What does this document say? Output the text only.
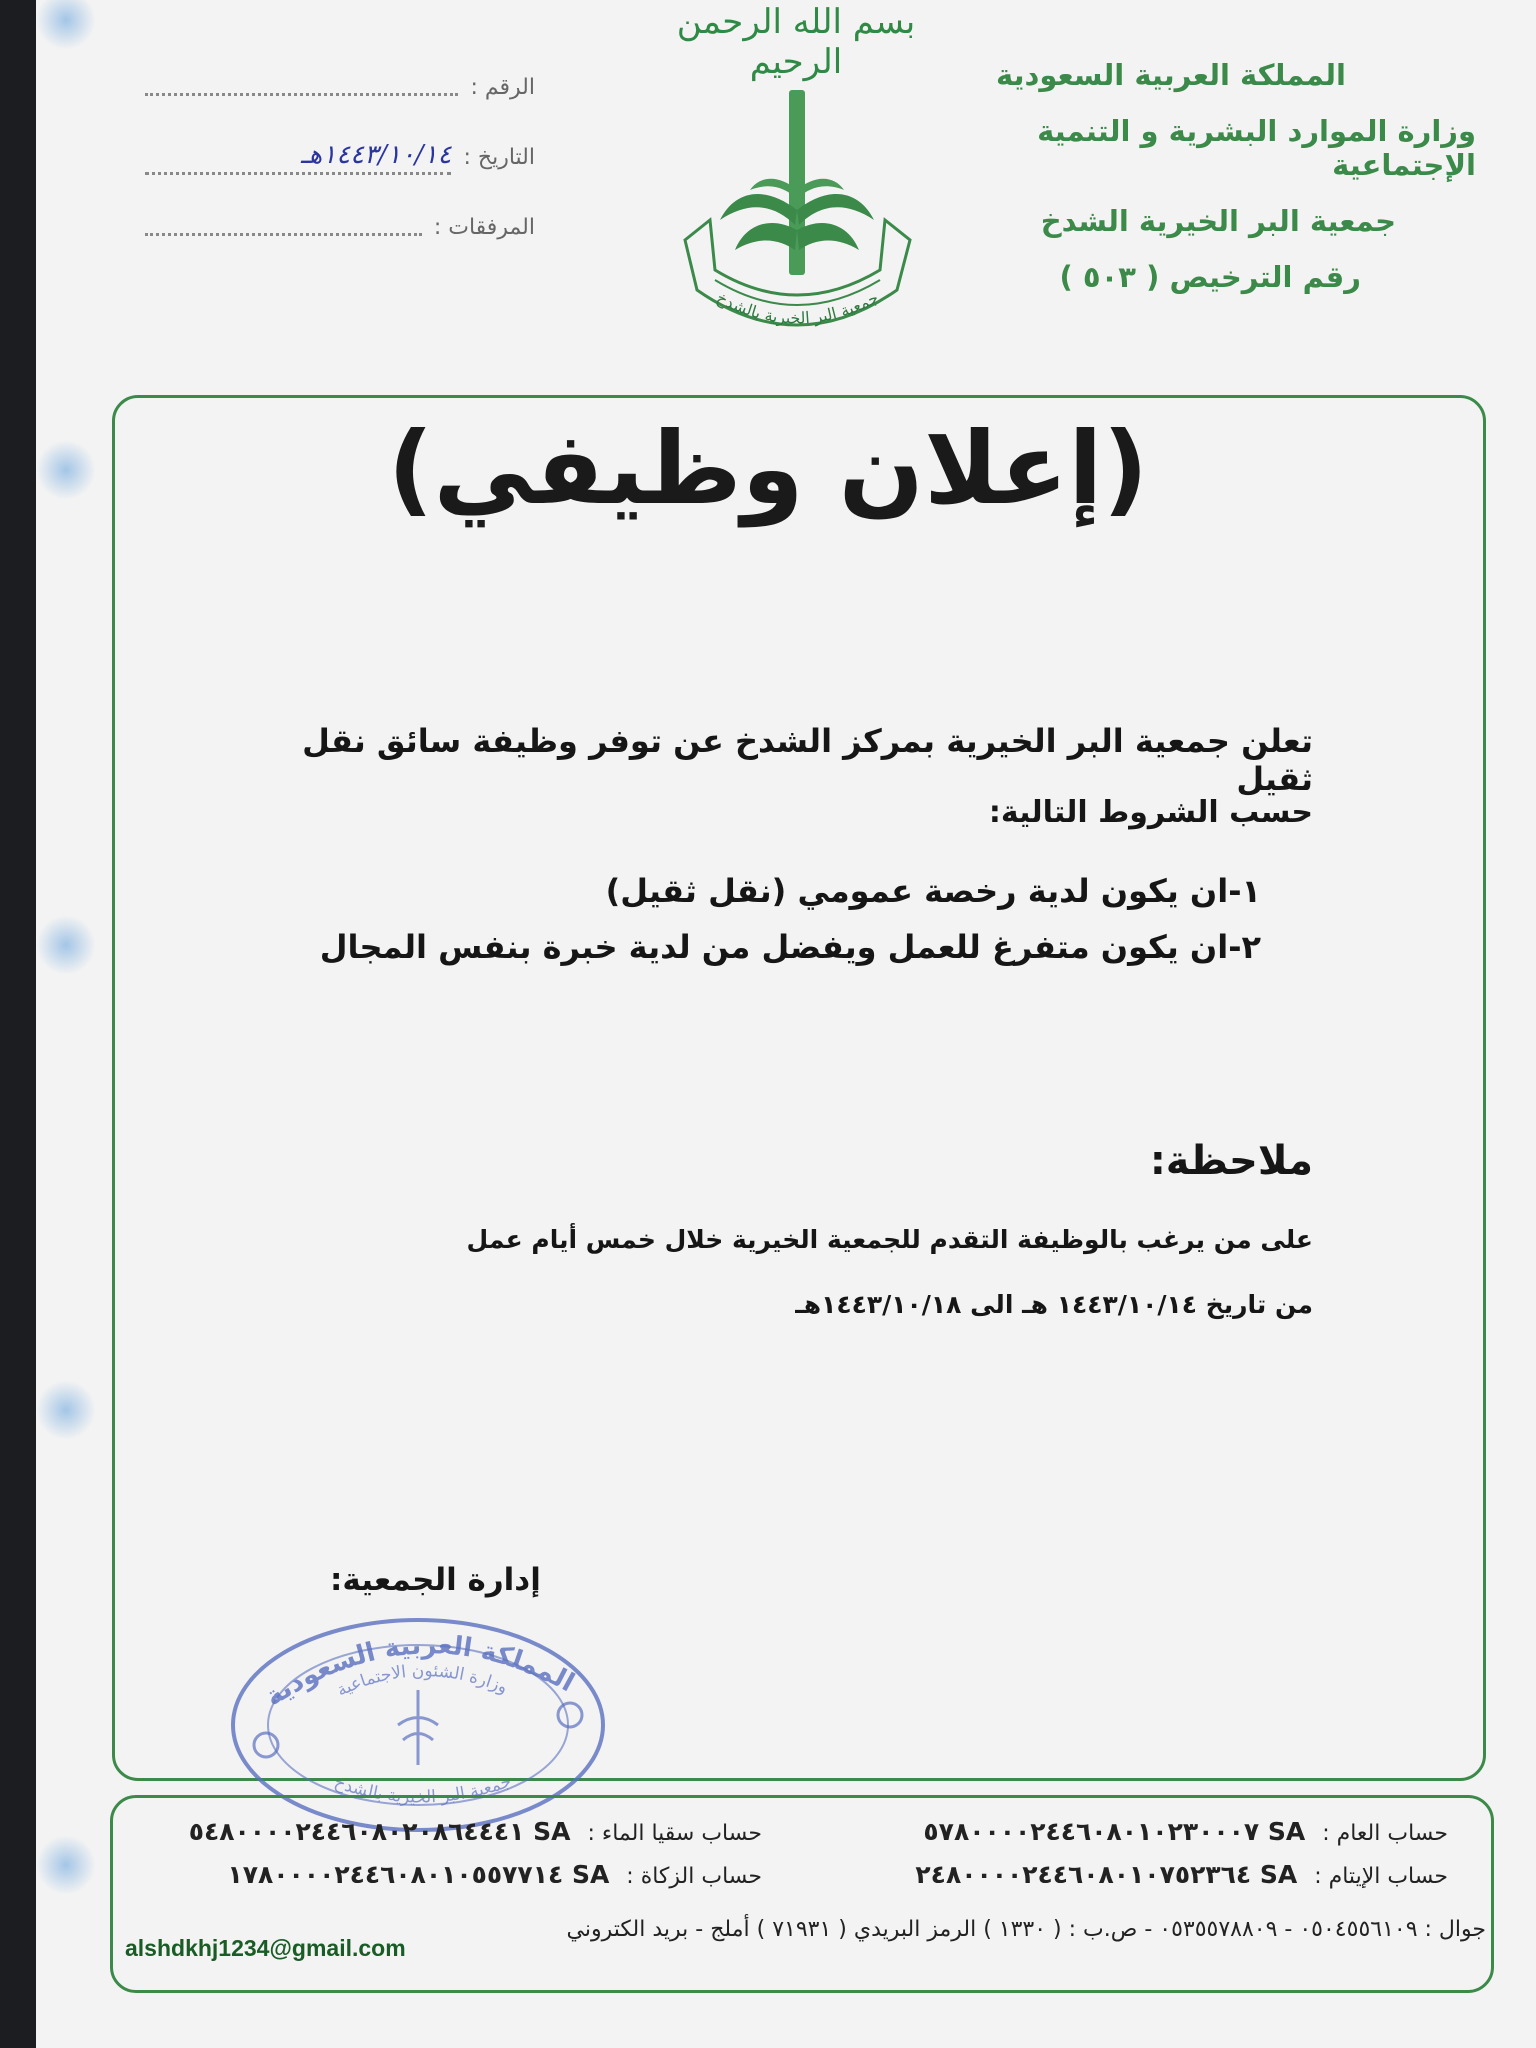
بسم الله الرحمن الرحيم
جمعية البر الخيرية بالشدخ
المملكة العربية السعودية
وزارة الموارد البشرية و التنمية الإجتماعية
جمعية البر الخيرية الشدخ
رقم الترخيص ( ٥٠٣ )
الرقم :
التاريخ :
١٤٤٣/١٠/١٤هـ
المرفقات :
(إعلان وظيفي)
تعلن جمعية البر الخيرية بمركز الشدخ عن توفر وظيفة سائق نقل ثقيل
حسب الشروط التالية:
١-ان يكون لدية رخصة عمومي (نقل ثقيل)
٢-ان يكون متفرغ للعمل ويفضل من لدية خبرة بنفس المجال
ملاحظة:
على من يرغب بالوظيفة التقدم للجمعية الخيرية خلال خمس أيام عمل
من تاريخ ١٤٤٣/١٠/١٤ هـ الى ١٤٤٣/١٠/١٨هـ
إدارة الجمعية:
المملكة العربية السعودية
وزارة الشئون الاجتماعية
جمعية البر الخيرية بالشدخ
حساب العام : SA ٥٧٨٠٠٠٠٢٤٤٦٠٨٠١٠٢٣٠٠٠٧
حساب الإيتام : SA ٢٤٨٠٠٠٠٢٤٤٦٠٨٠١٠٧٥٢٣٦٤
حساب سقيا الماء : SA ٥٤٨٠٠٠٠٢٤٤٦٠٨٠٢٠٨٦٤٤٤١
حساب الزكاة : SA ١٧٨٠٠٠٠٢٤٤٦٠٨٠١٠٥٥٧٧١٤
جوال : ٠٥٠٤٥٥٦١٠٩ - ٠٥٣٥٥٧٨٨٠٩ - ص.ب : ( ١٣٣٠ ) الرمز البريدي ( ٧١٩٣١ ) أملج - بريد الكتروني
alshdkhj1234@gmail.com
